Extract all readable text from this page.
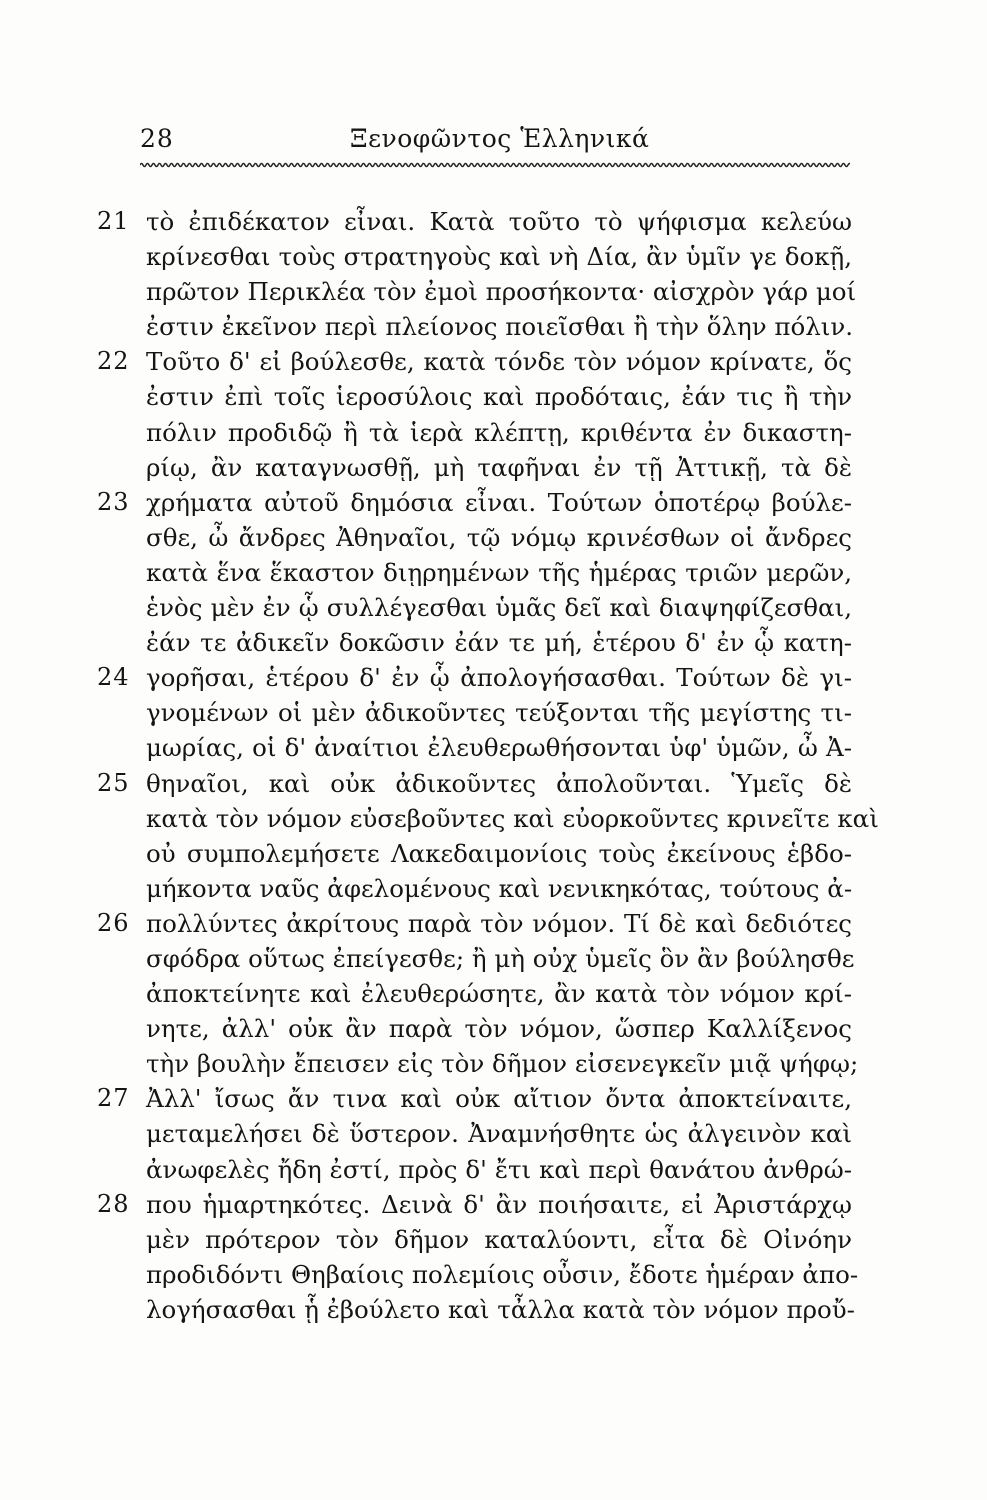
28	Ξενοφῶντος Ἑλληνικά
21 τὸ ἐπιδέκατον εἶναι. Κατὰ τοῦτο τὸ ψήφισμα κελεύω
κρίνεσθαι τοὺς στρατηγοὺς καὶ νὴ Δία, ἂν ὑμῖν γε δοκῇ,
πρῶτον Περικλέα τὸν ἐμοὶ προσήκοντα· αἰσχρὸν γάρ μοί
ἐστιν ἐκεῖνον περὶ πλείονος ποιεῖσθαι ἢ τὴν ὅλην πόλιν.
22 Τοῦτο δ' εἰ βούλεσθε, κατὰ τόνδε τὸν νόμον κρίνατε, ὅς
ἐστιν ἐπὶ τοῖς ἱεροσύλοις καὶ προδόταις, ἐάν τις ἢ τὴν
πόλιν προδιδῷ ἢ τὰ ἱερὰ κλέπτῃ, κριθέντα ἐν δικαστη-
ρίῳ, ἂν καταγνωσθῇ, μὴ ταφῆναι ἐν τῇ Ἀττικῇ, τὰ δὲ
23 χρήματα αὐτοῦ δημόσια εἶναι. Τούτων ὁποτέρῳ βούλε-
σθε, ὦ ἄνδρες Ἀθηναῖοι, τῷ νόμῳ κρινέσθων οἱ ἄνδρες
κατὰ ἕνα ἕκαστον διῃρημένων τῆς ἡμέρας τριῶν μερῶν,
ἑνὸς μὲν ἐν ᾧ συλλέγεσθαι ὑμᾶς δεῖ καὶ διαψηφίζεσθαι,
ἐάν τε ἀδικεῖν δοκῶσιν ἐάν τε μή, ἑτέρου δ' ἐν ᾧ κατη-
24 γορῆσαι, ἑτέρου δ' ἐν ᾧ ἀπολογήσασθαι. Τούτων δὲ γι-
γνομένων οἱ μὲν ἀδικοῦντες τεύξονται τῆς μεγίστης τι-
μωρίας, οἱ δ' ἀναίτιοι ἐλευθερωθήσονται ὑφ' ὑμῶν, ὦ Ἀ-
25 θηναῖοι, καὶ οὐκ ἀδικοῦντες ἀπολοῦνται. Ὑμεῖς δὲ
κατὰ τὸν νόμον εὐσεβοῦντες καὶ εὐορκοῦντες κρινεῖτε καὶ
οὐ συμπολεμήσετε Λακεδαιμονίοις τοὺς ἐκείνους ἑβδο-
μήκοντα ναῦς ἀφελομένους καὶ νενικηκότας, τούτους ἀ-
26 πολλύντες ἀκρίτους παρὰ τὸν νόμον. Τί δὲ καὶ δεδιότες
σφόδρα οὕτως ἐπείγεσθε; ἢ μὴ οὐχ ὑμεῖς ὃν ἂν βούλησθε
ἀποκτείνητε καὶ ἐλευθερώσητε, ἂν κατὰ τὸν νόμον κρί-
νητε, ἀλλ' οὐκ ἂν παρὰ τὸν νόμον, ὥσπερ Καλλίξενος
τὴν βουλὴν ἔπεισεν εἰς τὸν δῆμον εἰσενεγκεῖν μιᾷ ψήφῳ;
27 Ἀλλ' ἴσως ἄν τινα καὶ οὐκ αἴτιον ὄντα ἀποκτείναιτε,
μεταμελήσει δὲ ὕστερον. Ἀναμνήσθητε ὡς ἀλγεινὸν καὶ
ἀνωφελὲς ἤδη ἐστί, πρὸς δ' ἔτι καὶ περὶ θανάτου ἀνθρώ-
28 που ἡμαρτηκότες. Δεινὰ δ' ἂν ποιήσαιτε, εἰ Ἀριστάρχῳ
μὲν πρότερον τὸν δῆμον καταλύοντι, εἶτα δὲ Οἰνόην
προδιδόντι Θηβαίοις πολεμίοις οὖσιν, ἔδοτε ἡμέραν ἀπο-
λογήσασθαι ᾗ ἐβούλετο καὶ τἆλλα κατὰ τὸν νόμον προὔ-
